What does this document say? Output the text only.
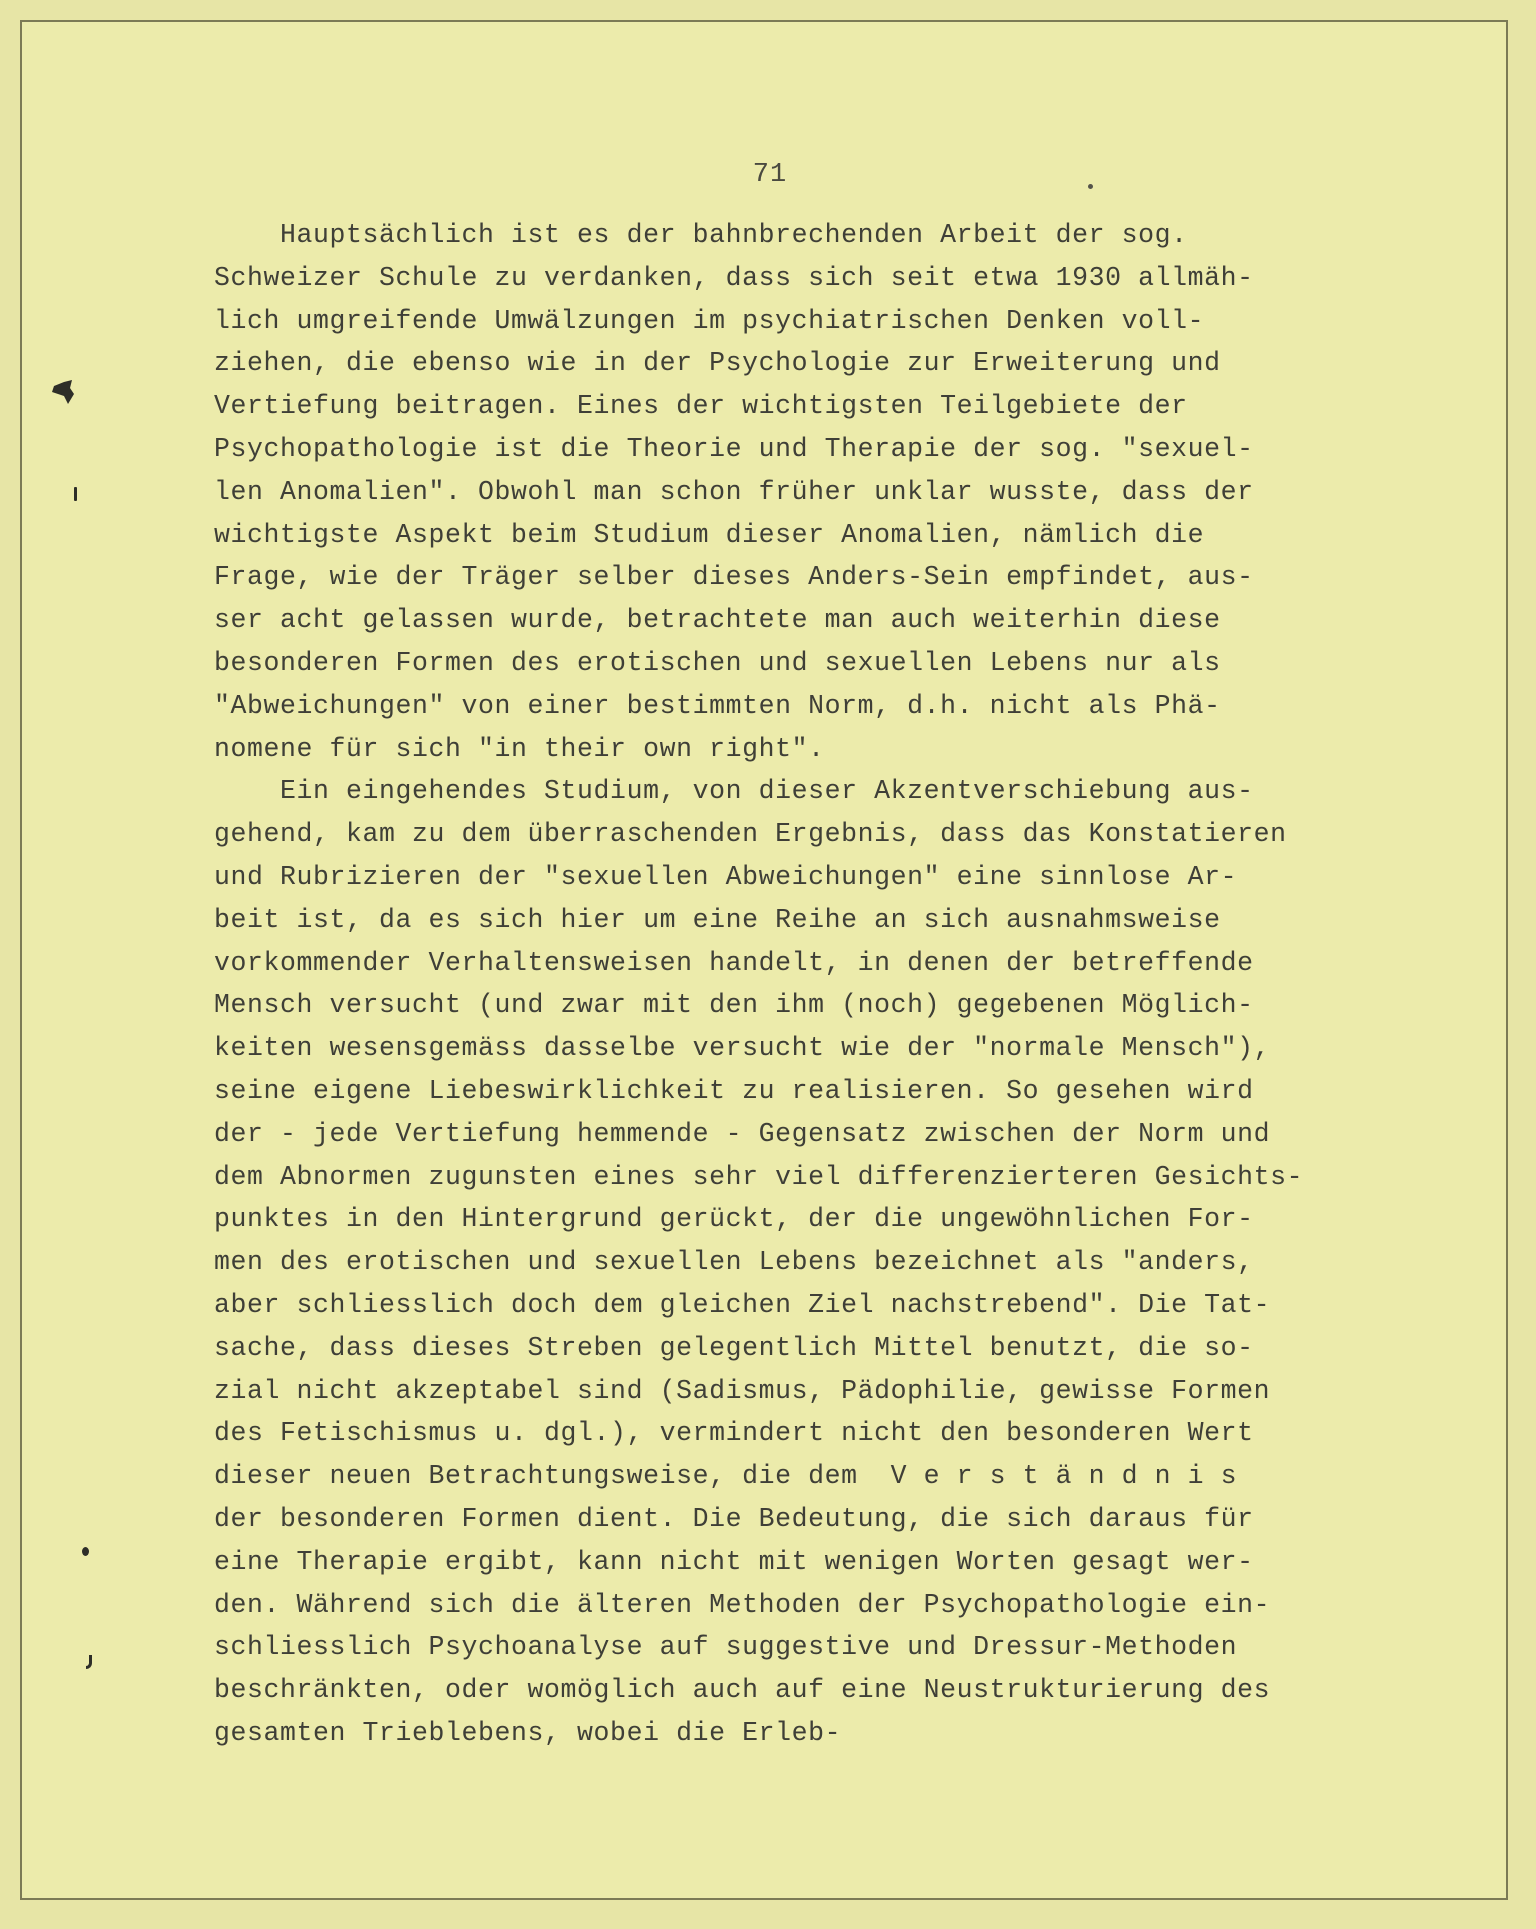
71
Hauptsächlich ist es der bahnbrechenden Arbeit der sog.
Schweizer Schule zu verdanken, dass sich seit etwa 1930 allmäh-
lich umgreifende Umwälzungen im psychiatrischen Denken voll-
ziehen, die ebenso wie in der Psychologie zur Erweiterung und
Vertiefung beitragen. Eines der wichtigsten Teilgebiete der
Psychopathologie ist die Theorie und Therapie der sog. "sexuel-
len Anomalien". Obwohl man schon früher unklar wusste, dass der
wichtigste Aspekt beim Studium dieser Anomalien, nämlich die
Frage, wie der Träger selber dieses Anders-Sein empfindet, aus-
ser acht gelassen wurde, betrachtete man auch weiterhin diese
besonderen Formen des erotischen und sexuellen Lebens nur als
"Abweichungen" von einer bestimmten Norm, d.h. nicht als Phä-
nomene für sich "in their own right".
Ein eingehendes Studium, von dieser Akzentverschiebung aus-
gehend, kam zu dem überraschenden Ergebnis, dass das Konstatieren
und Rubrizieren der "sexuellen Abweichungen" eine sinnlose Ar-
beit ist, da es sich hier um eine Reihe an sich ausnahmsweise
vorkommender Verhaltensweisen handelt, in denen der betreffende
Mensch versucht (und zwar mit den ihm (noch) gegebenen Möglich-
keiten wesensgemäss dasselbe versucht wie der "normale Mensch"),
seine eigene Liebeswirklichkeit zu realisieren. So gesehen wird
der - jede Vertiefung hemmende - Gegensatz zwischen der Norm und
dem Abnormen zugunsten eines sehr viel differenzierteren Gesichts-
punktes in den Hintergrund gerückt, der die ungewöhnlichen For-
men des erotischen und sexuellen Lebens bezeichnet als "anders,
aber schliesslich doch dem gleichen Ziel nachstrebend". Die Tat-
sache, dass dieses Streben gelegentlich Mittel benutzt, die so-
zial nicht akzeptabel sind (Sadismus, Pädophilie, gewisse Formen
des Fetischismus u. dgl.), vermindert nicht den besonderen Wert
dieser neuen Betrachtungsweise, die dem  V e r s t ä n d n i s
der besonderen Formen dient. Die Bedeutung, die sich daraus für
eine Therapie ergibt, kann nicht mit wenigen Worten gesagt wer-
den. Während sich die älteren Methoden der Psychopathologie ein-
schliesslich Psychoanalyse auf suggestive und Dressur-Methoden
beschränkten, oder womöglich auch auf eine Neustrukturierung des
gesamten Trieblebens, wobei die Erleb-
